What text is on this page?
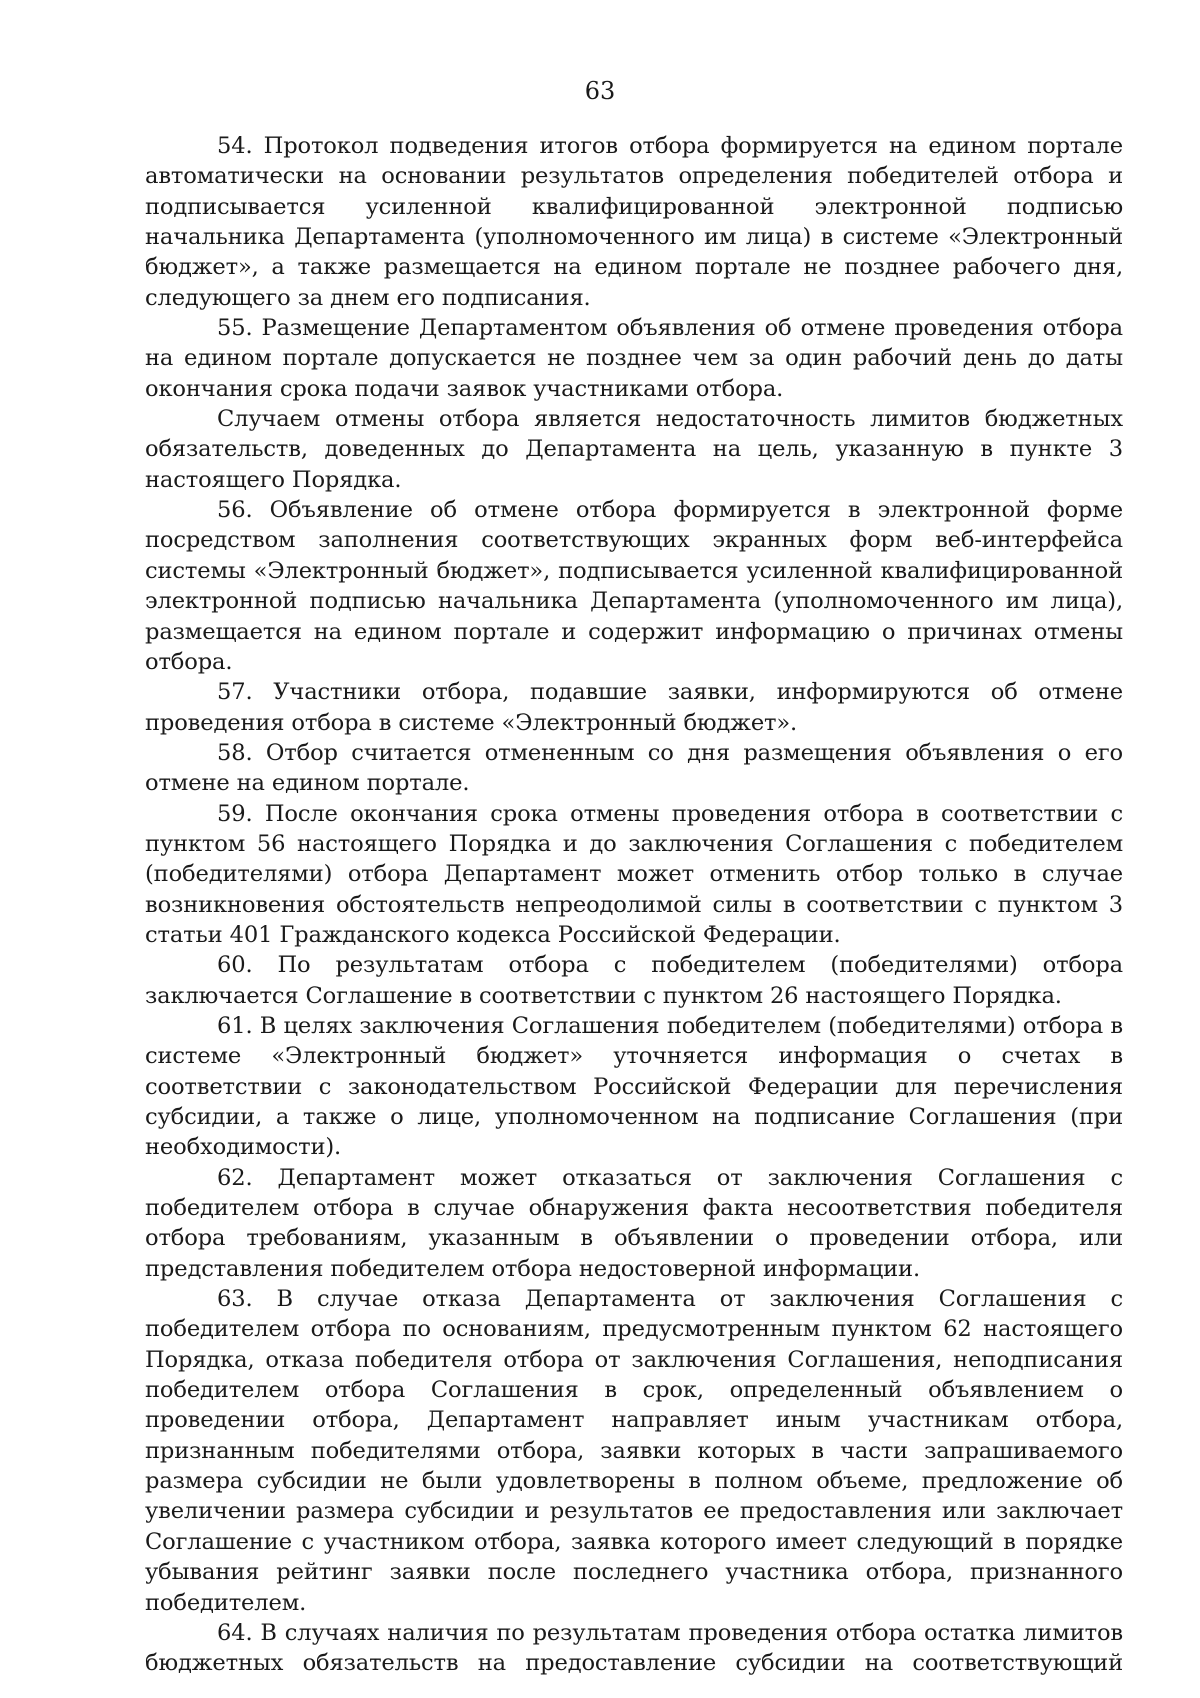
63

54. Протокол подведения итогов отбора формируется на едином портале автоматически на основании результатов определения победителей отбора и подписывается усиленной квалифицированной электронной подписью начальника Департамента (уполномоченного им лица) в системе «Электронный бюджет», а также размещается на едином портале не позднее рабочего дня, следующего за днем его подписания.

55. Размещение Департаментом объявления об отмене проведения отбора на едином портале допускается не позднее чем за один рабочий день до даты окончания срока подачи заявок участниками отбора.

Случаем отмены отбора является недостаточность лимитов бюджетных обязательств, доведенных до Департамента на цель, указанную в пункте 3 настоящего Порядка.

56. Объявление об отмене отбора формируется в электронной форме посредством заполнения соответствующих экранных форм веб-интерфейса системы «Электронный бюджет», подписывается усиленной квалифицированной электронной подписью начальника Департамента (уполномоченного им лица), размещается на едином портале и содержит информацию о причинах отмены отбора.

57. Участники отбора, подавшие заявки, информируются об отмене проведения отбора в системе «Электронный бюджет».

58. Отбор считается отмененным со дня размещения объявления о его отмене на едином портале.

59. После окончания срока отмены проведения отбора в соответствии с пунктом 56 настоящего Порядка и до заключения Соглашения с победителем (победителями) отбора Департамент может отменить отбор только в случае возникновения обстоятельств непреодолимой силы в соответствии с пунктом 3 статьи 401 Гражданского кодекса Российской Федерации.

60. По результатам отбора с победителем (победителями) отбора заключается Соглашение в соответствии с пунктом 26 настоящего Порядка.

61. В целях заключения Соглашения победителем (победителями) отбора в системе «Электронный бюджет» уточняется информация о счетах в соответствии с законодательством Российской Федерации для перечисления субсидии, а также о лице, уполномоченном на подписание Соглашения (при необходимости).

62. Департамент может отказаться от заключения Соглашения с победителем отбора в случае обнаружения факта несоответствия победителя отбора требованиям, указанным в объявлении о проведении отбора, или представления победителем отбора недостоверной информации.

63. В случае отказа Департамента от заключения Соглашения с победителем отбора по основаниям, предусмотренным пунктом 62 настоящего Порядка, отказа победителя отбора от заключения Соглашения, неподписания победителем отбора Соглашения в срок, определенный объявлением о проведении отбора, Департамент направляет иным участникам отбора, признанным победителями отбора, заявки которых в части запрашиваемого размера субсидии не были удовлетворены в полном объеме, предложение об увеличении размера субсидии и результатов ее предоставления или заключает Соглашение с участником отбора, заявка которого имеет следующий в порядке убывания рейтинг заявки после последнего участника отбора, признанного победителем.

64. В случаях наличия по результатам проведения отбора остатка лимитов бюджетных обязательств на предоставление субсидии на соответствующий
